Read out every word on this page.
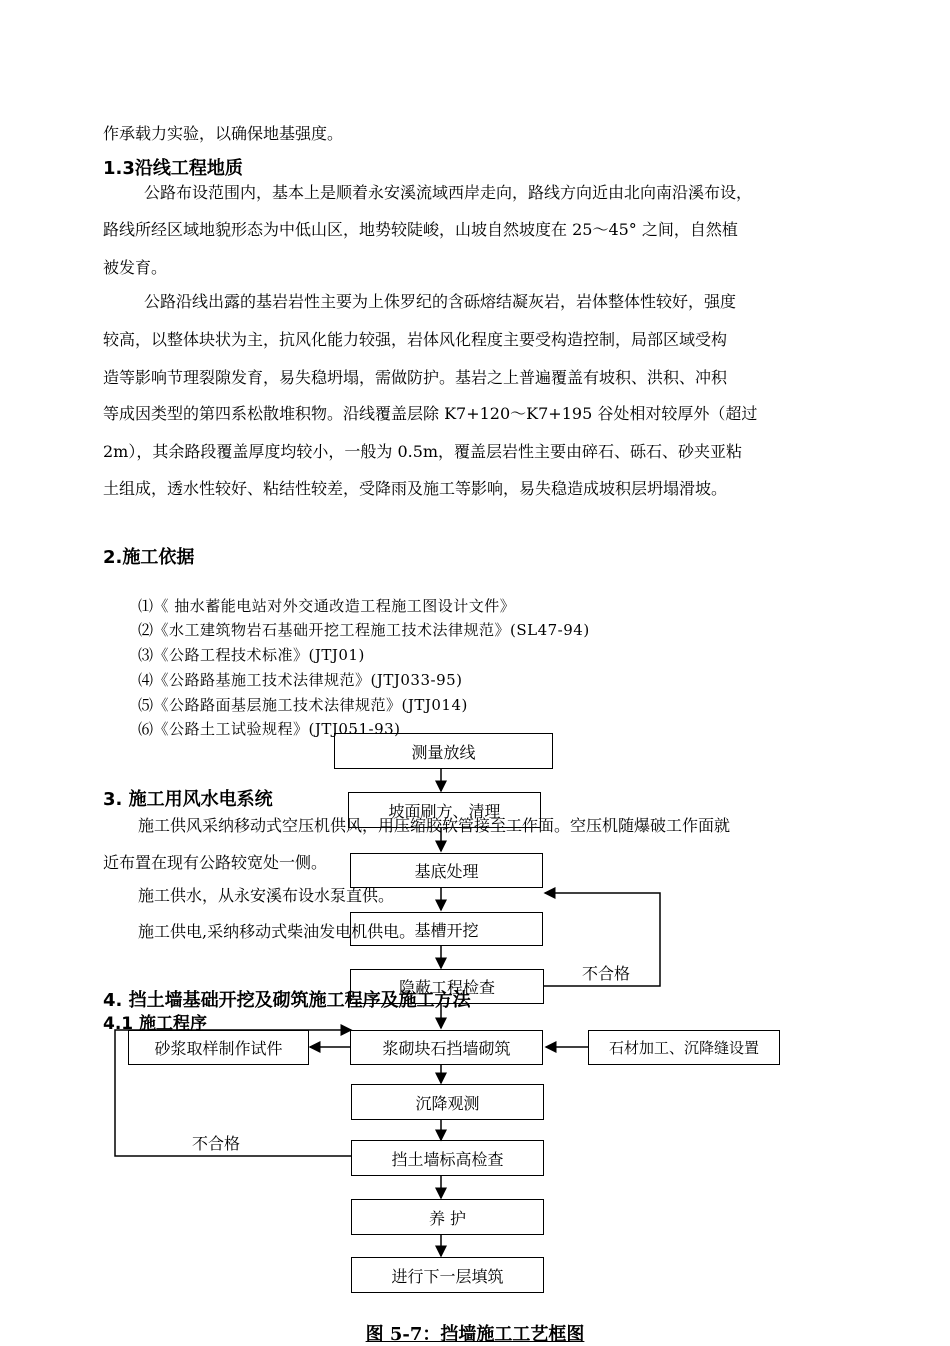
作承载力实验，以确保地基强度。
1.3沿线工程地质
公路布设范围内，基本上是顺着永安溪流域西岸走向，路线方向近由北向南沿溪布设，
路线所经区域地貌形态为中低山区，地势较陡峻，山坡自然坡度在 25～45° 之间，自然植
被发育。
公路沿线出露的基岩岩性主要为上侏罗纪的含砾熔结凝灰岩，岩体整体性较好，强度
较高，以整体块状为主，抗风化能力较强，岩体风化程度主要受构造控制，局部区域受构
造等影响节理裂隙发育，易失稳坍塌，需做防护。基岩之上普遍覆盖有坡积、洪积、冲积
等成因类型的第四系松散堆积物。沿线覆盖层除 K7+120～K7+195 谷处相对较厚外（超过
2m），其余路段覆盖厚度均较小，一般为 0.5m，覆盖层岩性主要由碎石、砾石、砂夹亚粘
土组成，透水性较好、粘结性较差，受降雨及施工等影响，易失稳造成坡积层坍塌滑坡。
2.施工依据
⑴《 抽水蓄能电站对外交通改造工程施工图设计文件》
⑵《水工建筑物岩石基础开挖工程施工技术法律规范》(SL47-94)
⑶《公路工程技术标准》(JTJ01)
⑷《公路路基施工技术法律规范》(JTJ033-95)
⑸《公路路面基层施工技术法律规范》(JTJ014)
⑹《公路土工试验规程》(JTJ051-93)
3. 施工用风水电系统
施工供风采纳移动式空压机供风，用压缩胶软管接至工作面。空压机随爆破工作面就
近布置在现有公路较宽处一侧。
施工供水，从永安溪布设水泵直供。
施工供电,采纳移动式柴油发电机供电。
4. 挡土墙基础开挖及砌筑施工程序及施工方法
4.1 施工程序
测量放线
坡面刷方、清理
基底处理
基槽开挖
隐蔽工程检查
不合格
浆砌块石挡墙砌筑
砂浆取样制作试件	石材加工、沉降缝设置
沉降观测
不合格
挡土墙标高检查
养 护
进行下一层填筑
图 5-7：挡墙施工工艺框图
